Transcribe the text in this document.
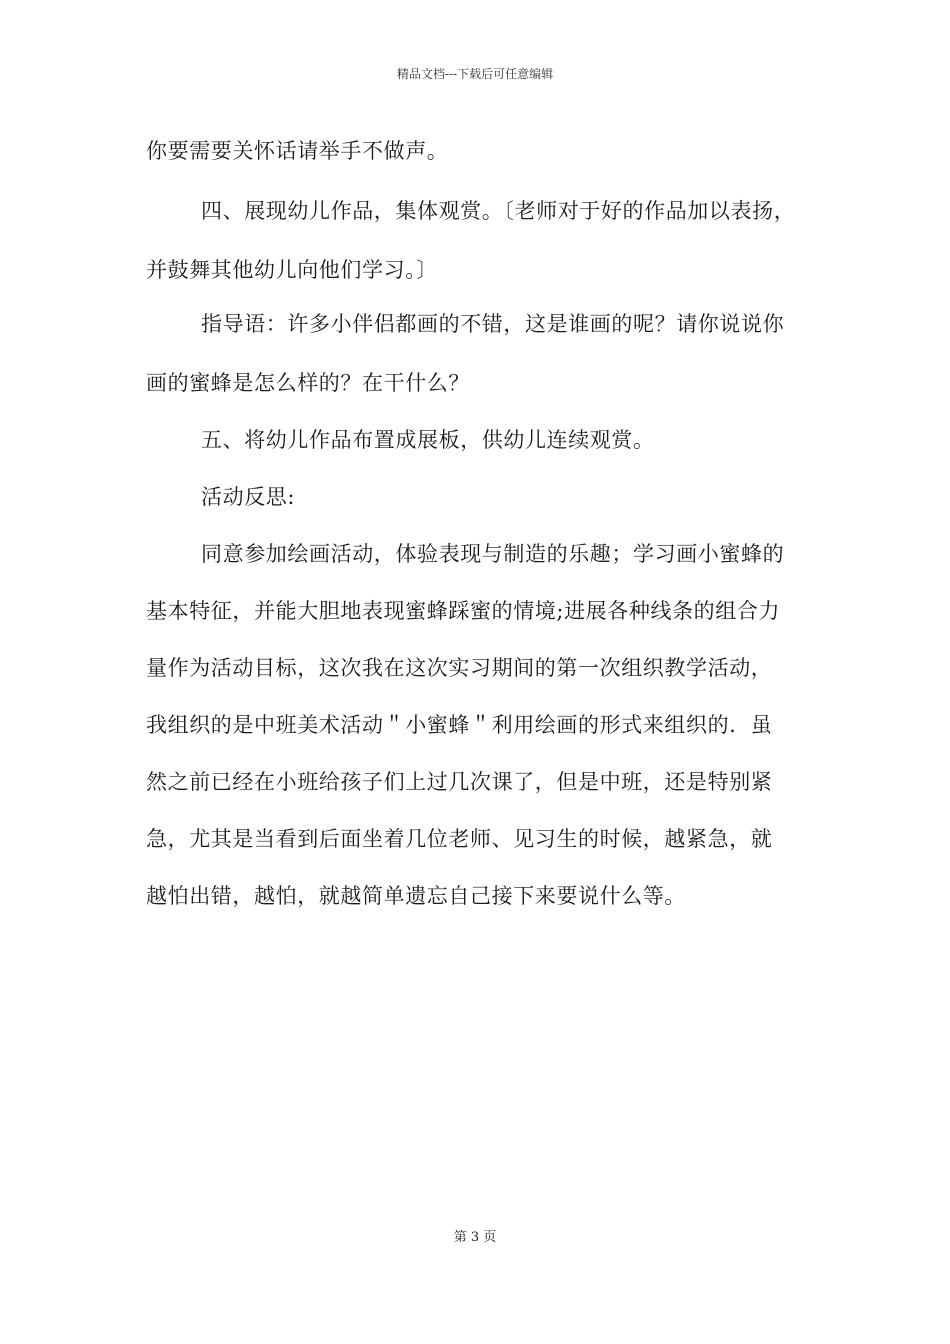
精品文档---下载后可任意编辑
你要需要关怀话请举手不做声。
四、展现幼儿作品，集体观赏。〔老师对于好的作品加以表扬，
并鼓舞其他幼儿向他们学习。〕
指导语：许多小伴侣都画的不错，这是谁画的呢？请你说说你
画的蜜蜂是怎么样的？在干什么？
五、将幼儿作品布置成展板，供幼儿连续观赏。
活动反思:
同意参加绘画活动，体验表现与制造的乐趣；学习画小蜜蜂的
基本特征，并能大胆地表现蜜蜂踩蜜的情境;进展各种线条的组合力
量作为活动目标，这次我在这次实习期间的第一次组织教学活动，
我组织的是中班美术活动＂小蜜蜂＂利用绘画的形式来组织的．虽
然之前已经在小班给孩子们上过几次课了，但是中班，还是特别紧
急，尤其是当看到后面坐着几位老师、见习生的时候，越紧急，就
越怕出错，越怕，就越简单遗忘自己接下来要说什么等。
第 3 页
